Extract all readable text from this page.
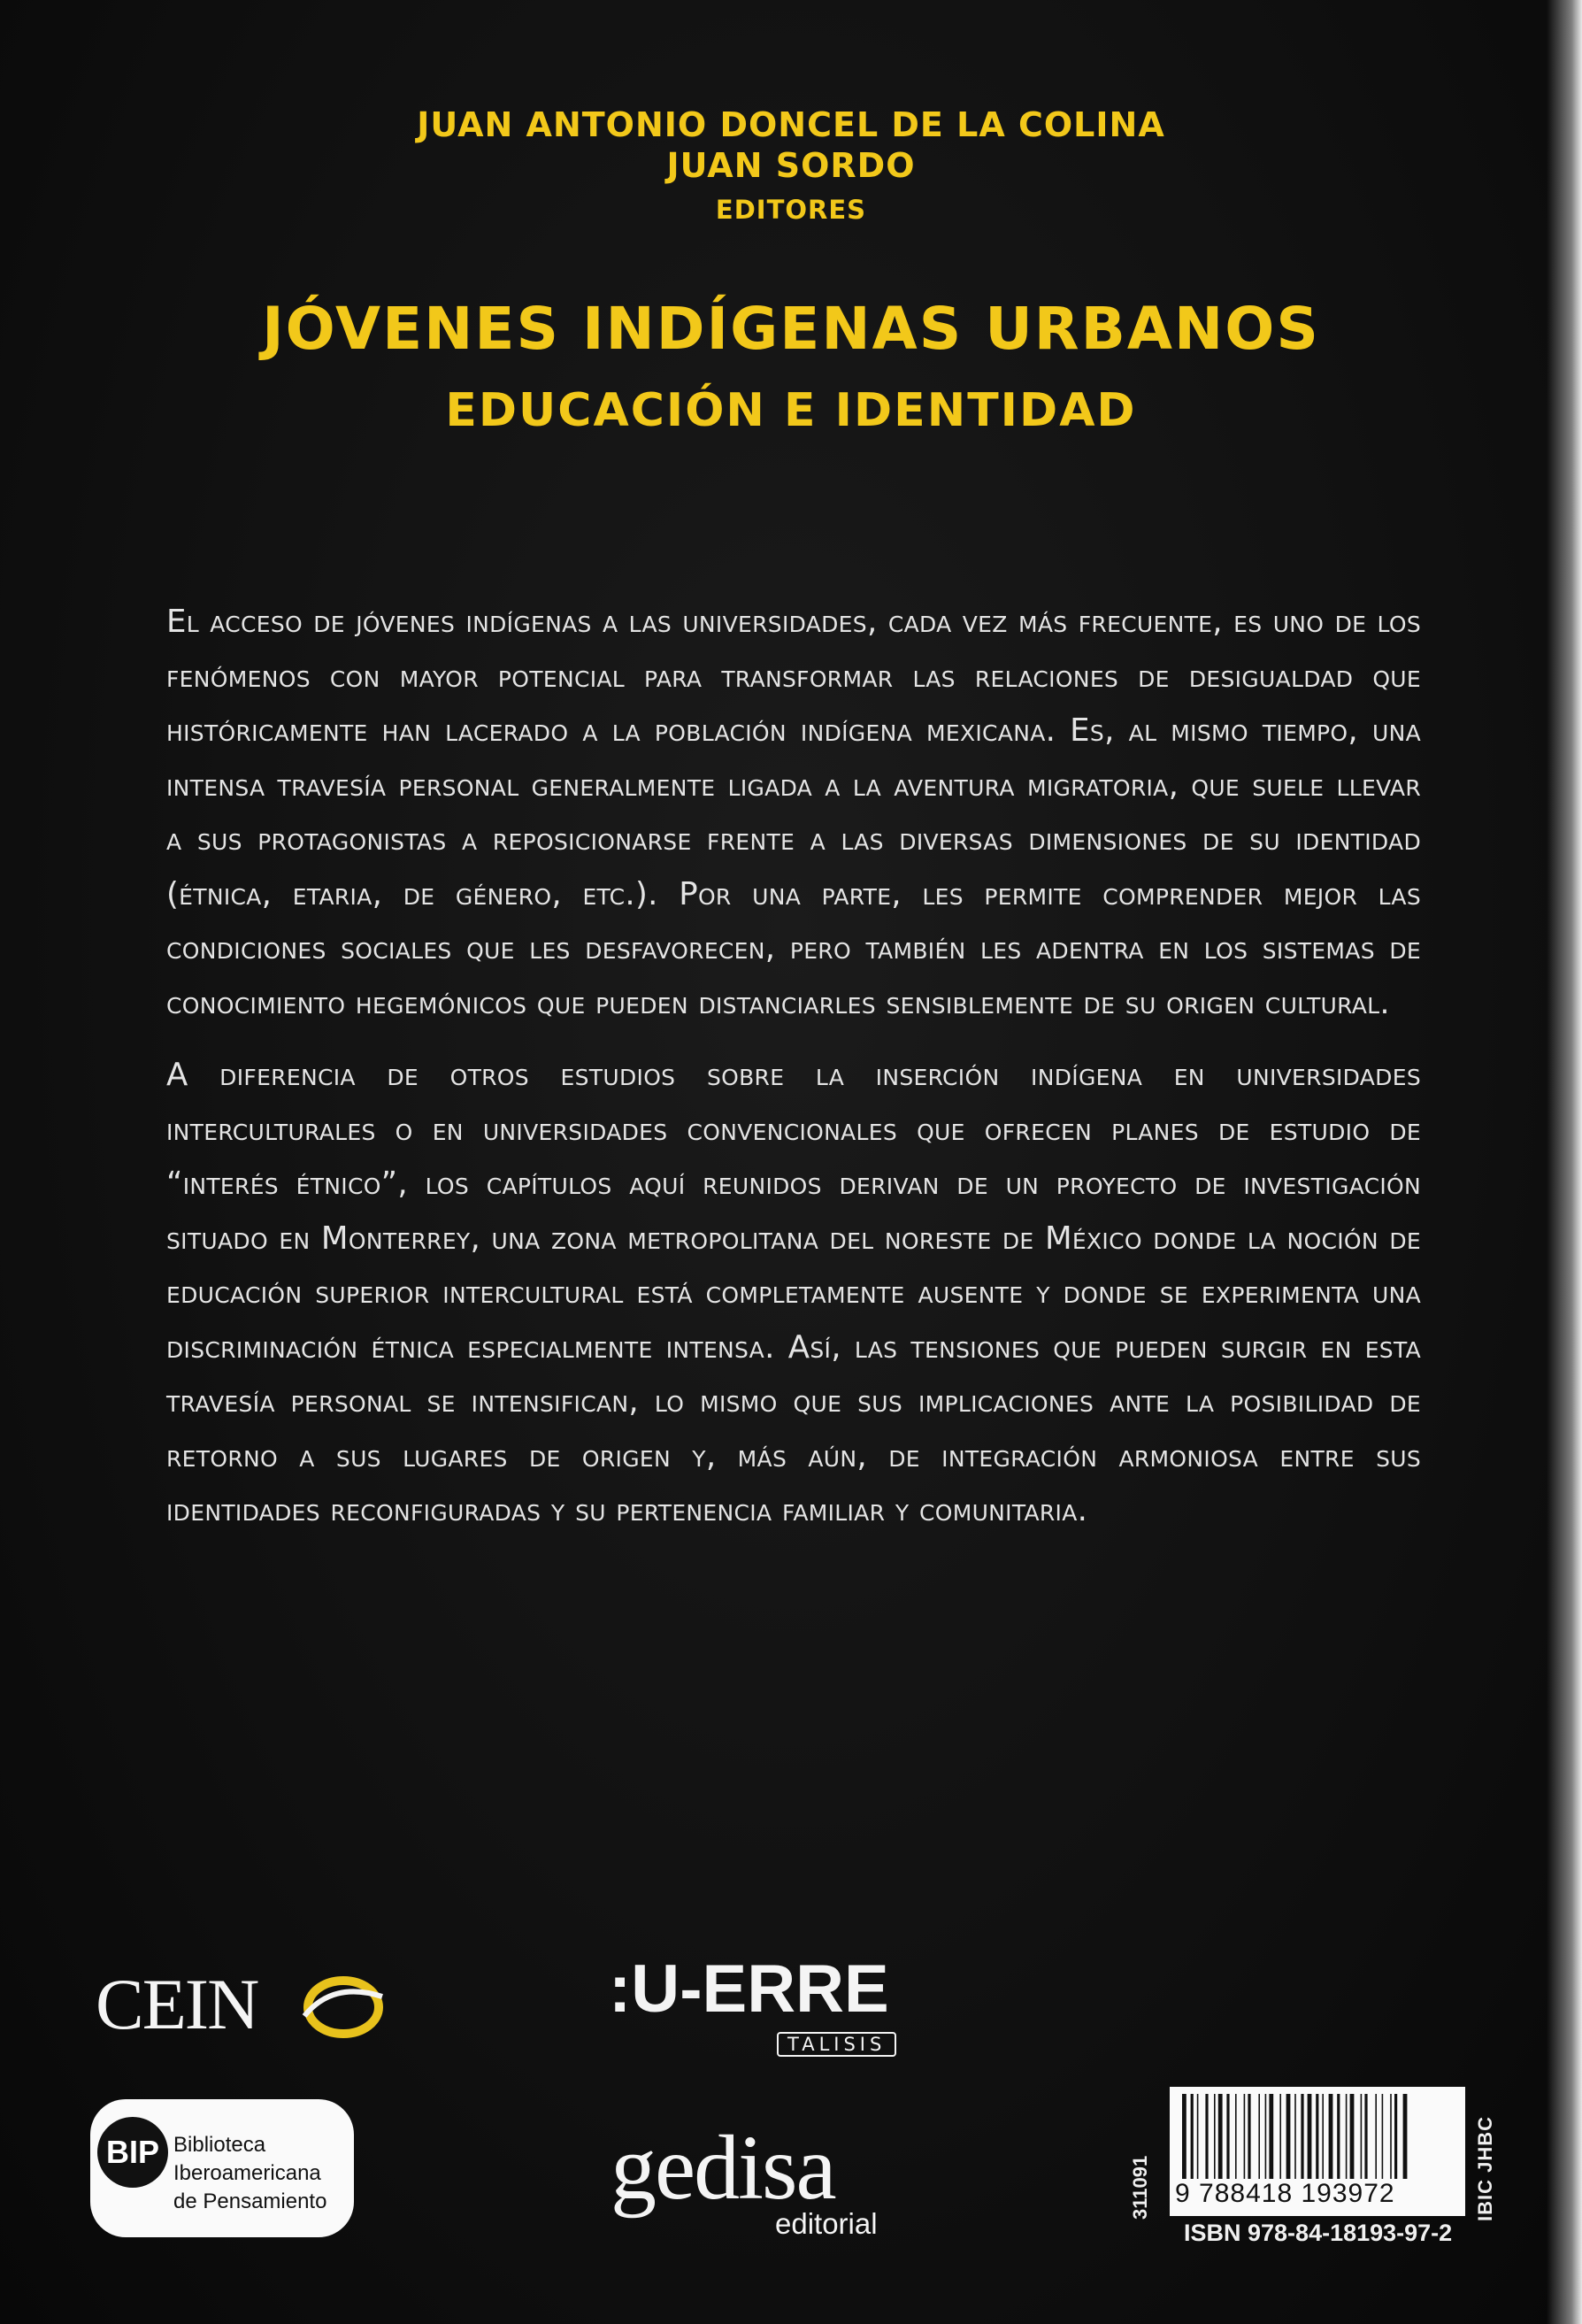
JUAN ANTONIO DONCEL DE LA COLINA
JUAN SORDO
EDITORES
JÓVENES INDÍGENAS URBANOS
EDUCACIÓN E IDENTIDAD

El acceso de jóvenes indígenas a las universidades, cada vez más frecuente, es uno de los fenómenos con mayor potencial para transformar las relaciones de desigualdad que históricamente han lacerado a la población indígena mexicana. Es, al mismo tiempo, una intensa travesía personal generalmente ligada a la aventura migratoria, que suele llevar a sus protagonistas a reposicionarse frente a las diversas dimensiones de su identidad (étnica, etaria, de género, etc.). Por una parte, les permite comprender mejor las condiciones sociales que les desfavorecen, pero también les adentra en los sistemas de conocimiento hegemónicos que pueden distanciarles sensiblemente de su origen cultural.

A diferencia de otros estudios sobre la inserción indígena en universidades interculturales o en universidades convencionales que ofrecen planes de estudio de “interés étnico”, los capítulos aquí reunidos derivan de un proyecto de investigación situado en Monterrey, una zona metropolitana del noreste de México donde la noción de educación superior intercultural está completamente ausente y donde se experimenta una discriminación étnica especialmente intensa. Así, las tensiones que pueden surgir en esta travesía personal se intensifican, lo mismo que sus implicaciones ante la posibilidad de retorno a sus lugares de origen y, más aún, de integración armoniosa entre sus identidades reconfiguradas y su pertenencia familiar y comunitaria.

CEIN	:U-ERRE
TALISIS
BIP Biblioteca
Iberoamericana
de Pensamiento	gedisa
editorial
311091 9 788418 193972	IBIC JHBC
ISBN 978-84-18193-97-2
